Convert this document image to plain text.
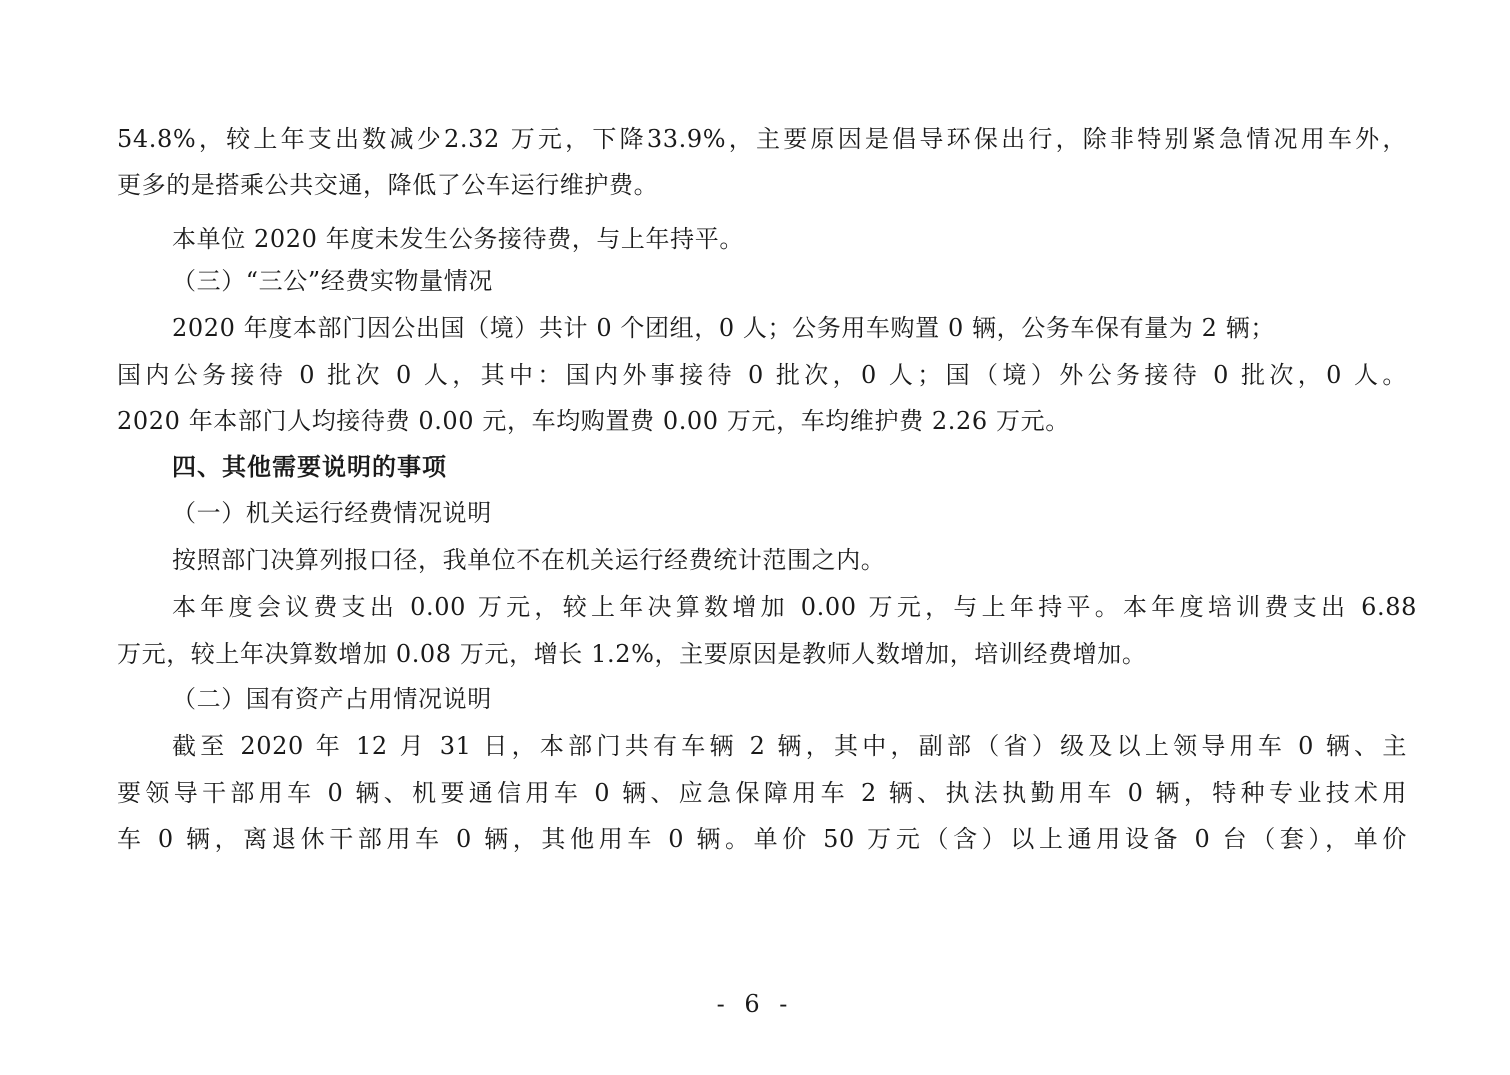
54.8%，较上年支出数减少2.32 万元，下降33.9%，主要原因是倡导环保出行，除非特别紧急情况用车外，
更多的是搭乘公共交通，降低了公车运行维护费。
本单位 2020 年度未发生公务接待费，与上年持平。
（三）“三公”经费实物量情况
2020 年度本部门因公出国（境）共计 0 个团组，0 人；公务用车购置 0 辆，公务车保有量为 2 辆；
国内公务接待 0 批次 0 人，其中：国内外事接待 0 批次，0 人；国（境）外公务接待 0 批次，0 人。
2020 年本部门人均接待费 0.00 元，车均购置费 0.00 万元，车均维护费 2.26 万元。
四、其他需要说明的事项
（一）机关运行经费情况说明
按照部门决算列报口径，我单位不在机关运行经费统计范围之内。
本年度会议费支出 0.00 万元，较上年决算数增加 0.00 万元，与上年持平。本年度培训费支出 6.88
万元，较上年决算数增加 0.08 万元，增长 1.2%，主要原因是教师人数增加，培训经费增加。
（二）国有资产占用情况说明
截至 2020 年 12 月 31 日，本部门共有车辆 2 辆，其中，副部（省）级及以上领导用车 0 辆、主
要领导干部用车 0 辆、机要通信用车 0 辆、应急保障用车 2 辆、执法执勤用车 0 辆，特种专业技术用
车 0 辆，离退休干部用车 0 辆，其他用车 0 辆。单价 50 万元（含）以上通用设备 0 台（套），单价
- 6 -
